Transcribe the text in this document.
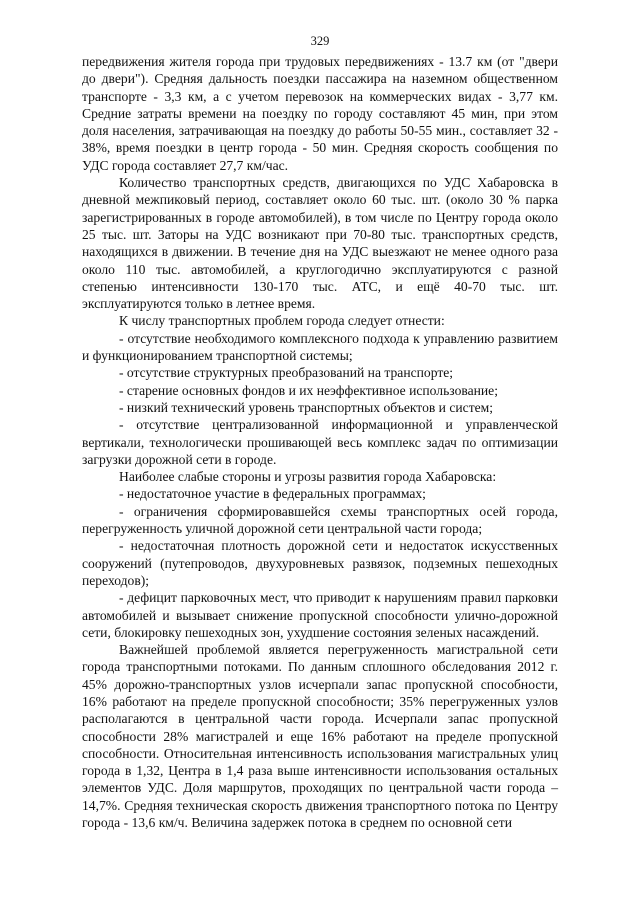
329

передвижения жителя города при трудовых передвижениях - 13.7 км (от "двери до двери"). Средняя дальность поездки пассажира на наземном общественном транспорте - 3,3 км, а с учетом перевозок на коммерческих видах - 3,77 км. Средние затраты времени на поездку по городу составляют 45 мин, при этом доля населения, затрачивающая на поездку до работы 50-55 мин., составляет 32 - 38%, время поездки в центр города - 50 мин. Средняя скорость сообщения по УДС города составляет 27,7 км/час.

Количество транспортных средств, двигающихся по УДС Хабаровска в дневной межпиковый период, составляет около 60 тыс. шт. (около 30 % парка зарегистрированных в городе автомобилей), в том числе по Центру города около 25 тыс. шт. Заторы на УДС возникают при 70-80 тыс. транспортных средств, находящихся в движении. В течение дня на УДС выезжают не менее одного раза около 110 тыс. автомобилей, а круглогодично эксплуатируются с разной степенью интенсивности 130-170 тыс. АТС, и ещё 40-70 тыс. шт. эксплуатируются только в летнее время.

К числу транспортных проблем города следует отнести:

- отсутствие необходимого комплексного подхода к управлению развитием и функционированием транспортной системы;

- отсутствие структурных преобразований на транспорте;

- старение основных фондов и их неэффективное использование;

- низкий технический уровень транспортных объектов и систем;

- отсутствие централизованной информационной и управленческой вертикали, технологически прошивающей весь комплекс задач по оптимизации загрузки дорожной сети в городе.

Наиболее слабые стороны и угрозы развития города Хабаровска:

- недостаточное участие в федеральных программах;

- ограничения сформировавшейся схемы транспортных осей города, перегруженность уличной дорожной сети центральной части города;

- недостаточная плотность дорожной сети и недостаток искусственных сооружений (путепроводов, двухуровневых развязок, подземных пешеходных переходов);

- дефицит парковочных мест, что приводит к нарушениям правил парковки автомобилей и вызывает снижение пропускной способности улично-дорожной сети, блокировку пешеходных зон, ухудшение состояния зеленых насаждений.

Важнейшей проблемой является перегруженность магистральной сети города транспортными потоками. По данным сплошного обследования 2012 г. 45% дорожно-транспортных узлов исчерпали запас пропускной способности, 16% работают на пределе пропускной способности; 35% перегруженных узлов располагаются в центральной части города. Исчерпали запас пропускной способности 28% магистралей и еще 16% работают на пределе пропускной способности. Относительная интенсивность использования магистральных улиц города в 1,32, Центра в 1,4 раза выше интенсивности использования остальных элементов УДС. Доля маршрутов, проходящих по центральной части города – 14,7%. Средняя техническая скорость движения транспортного потока по Центру города - 13,6 км/ч. Величина задержек потока в среднем по основной сети
